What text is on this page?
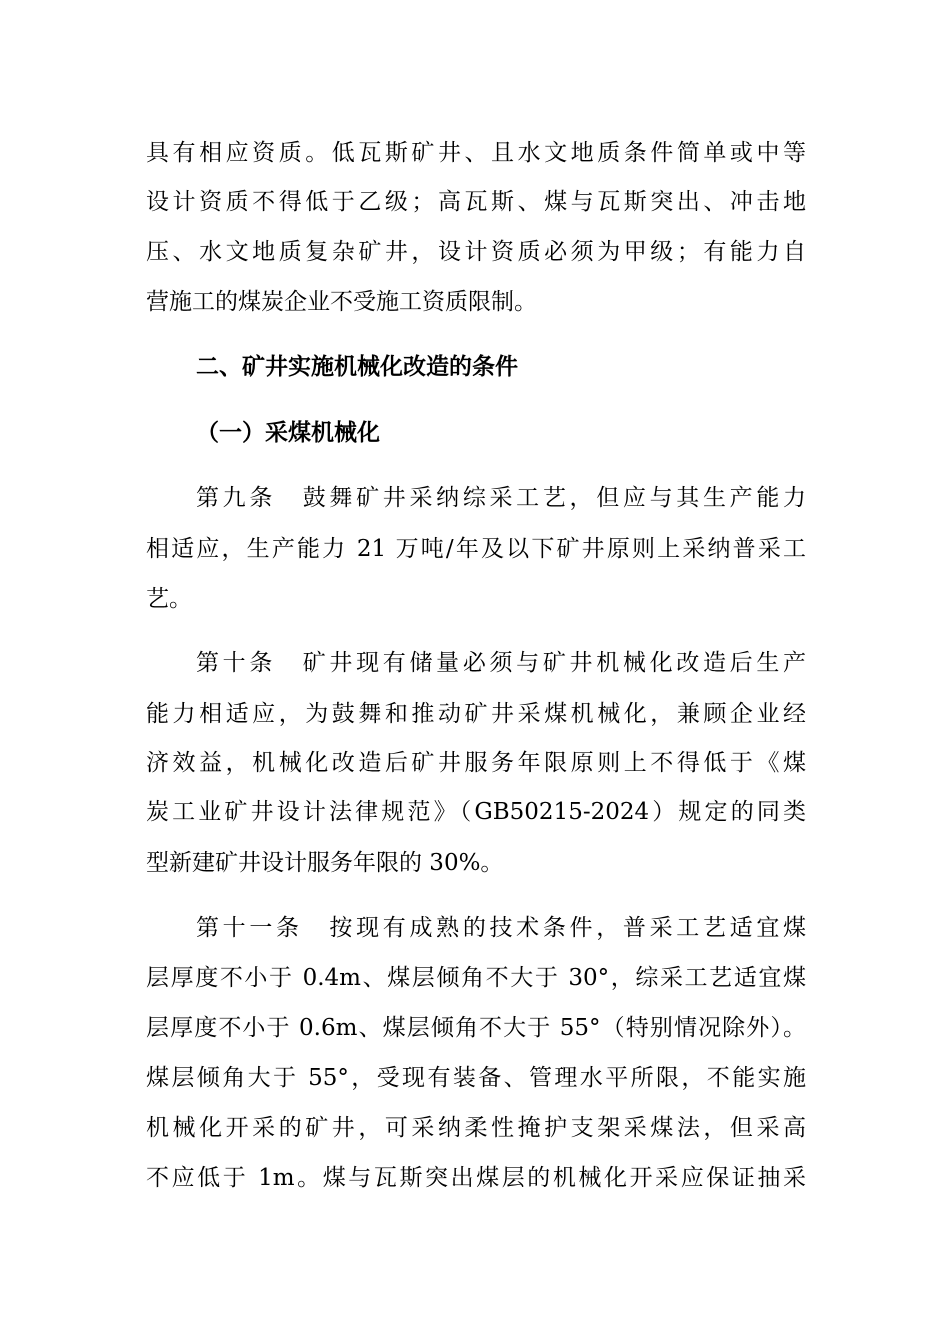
具有相应资质。低瓦斯矿井、且水文地质条件简单或中等
设计资质不得低于乙级；高瓦斯、煤与瓦斯突出、冲击地
压、水文地质复杂矿井，设计资质必须为甲级；有能力自
营施工的煤炭企业不受施工资质限制。
二、矿井实施机械化改造的条件
（一）采煤机械化
第九条　鼓舞矿井采纳综采工艺，但应与其生产能力
相适应，生产能力 21 万吨/年及以下矿井原则上采纳普采工
艺。
第十条　矿井现有储量必须与矿井机械化改造后生产
能力相适应，为鼓舞和推动矿井采煤机械化，兼顾企业经
济效益，机械化改造后矿井服务年限原则上不得低于《煤
炭工业矿井设计法律规范》（GB50215-2024）规定的同类
型新建矿井设计服务年限的 30%。
第十一条　按现有成熟的技术条件，普采工艺适宜煤
层厚度不小于 0.4m、煤层倾角不大于 30°，综采工艺适宜煤
层厚度不小于 0.6m、煤层倾角不大于 55°（特别情况除外）。
煤层倾角大于 55°，受现有装备、管理水平所限，不能实施
机械化开采的矿井，可采纳柔性掩护支架采煤法，但采高
不应低于 1m。煤与瓦斯突出煤层的机械化开采应保证抽采
